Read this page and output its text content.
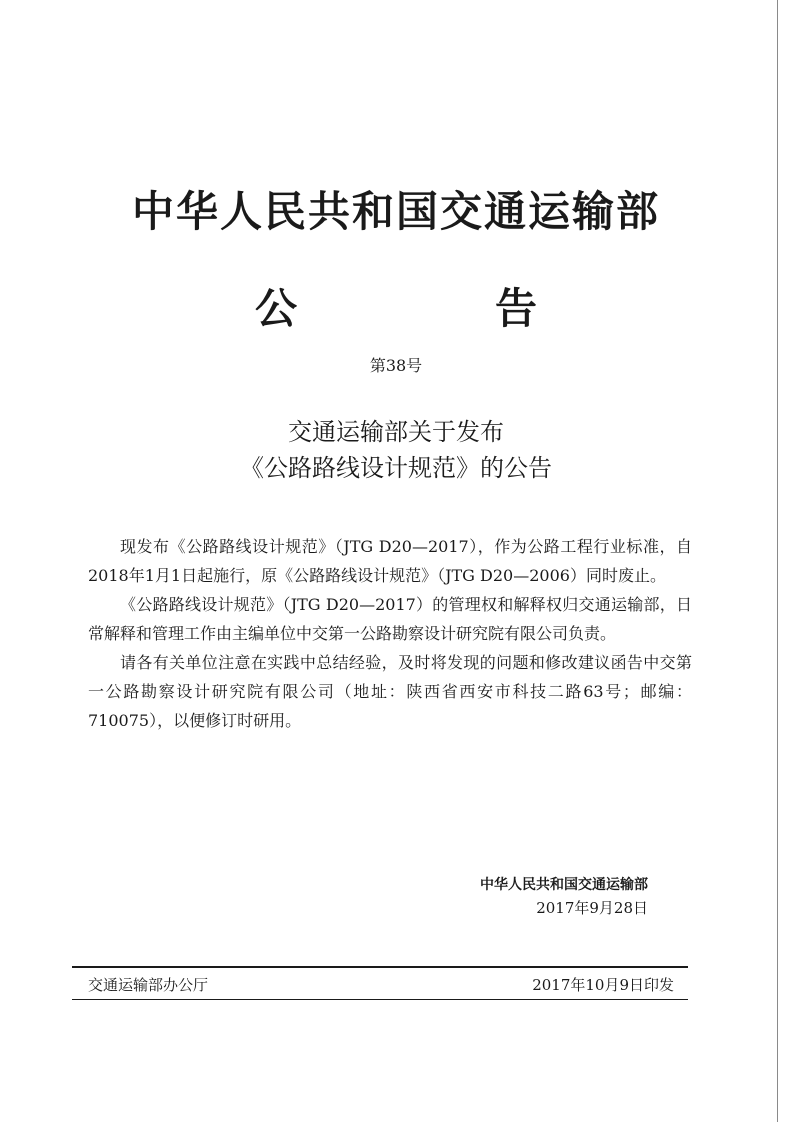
中华人民共和国交通运输部
公　告
第38号
交通运输部关于发布
《公路路线设计规范》的公告

现发布《公路路线设计规范》（JTG D20—2017），作为公路工程行业标准，自2018年1月1日起施行，原《公路路线设计规范》（JTG D20—2006）同时废止。

《公路路线设计规范》（JTG D20—2017）的管理权和解释权归交通运输部，日常解释和管理工作由主编单位中交第一公路勘察设计研究院有限公司负责。

请各有关单位注意在实践中总结经验，及时将发现的问题和修改建议函告中交第一公路勘察设计研究院有限公司（地址：陕西省西安市科技二路63号；邮编：710075），以便修订时研用。

中华人民共和国交通运输部
2017年9月28日
交通运输部办公厅	2017年10月9日印发
